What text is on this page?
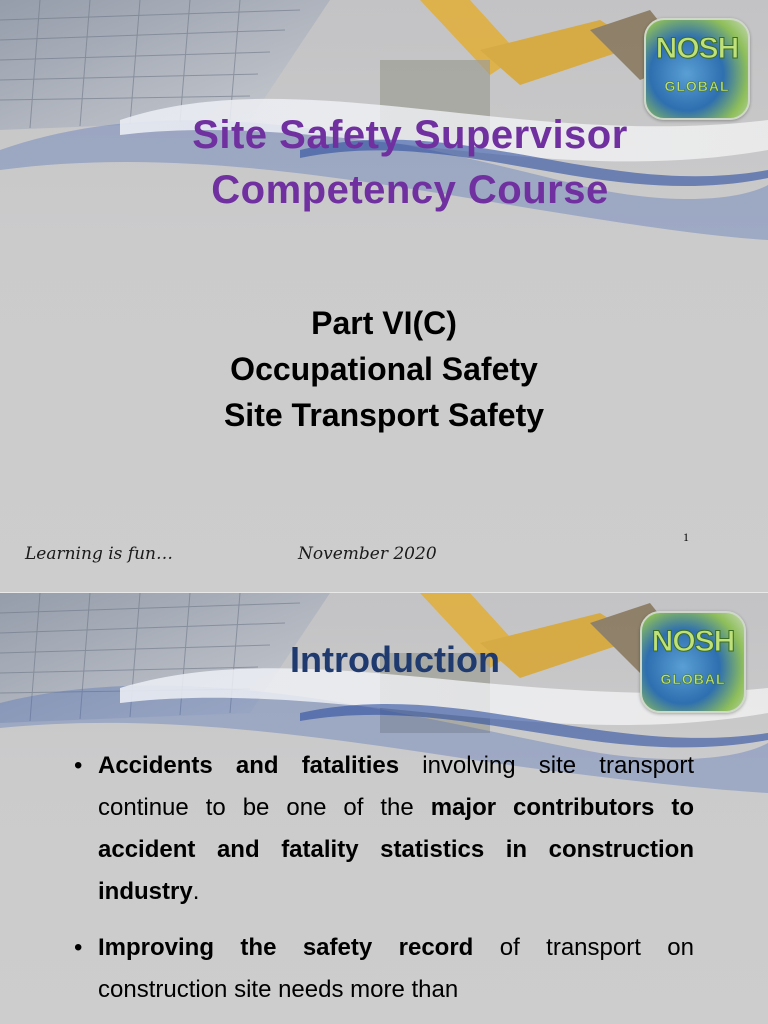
NOSH
GLOBAL
Site Safety Supervisor
Competency Course
Part VI(C)
Occupational Safety
Site Transport Safety
Learning is fun…	November 2020
1
NOSH
GLOBAL
Introduction
• Accidents and fatalities involving site transport continue to be one of the major contributors to accident and fatality statistics in construction industry.
• Improving the safety record of transport on construction site needs more than
